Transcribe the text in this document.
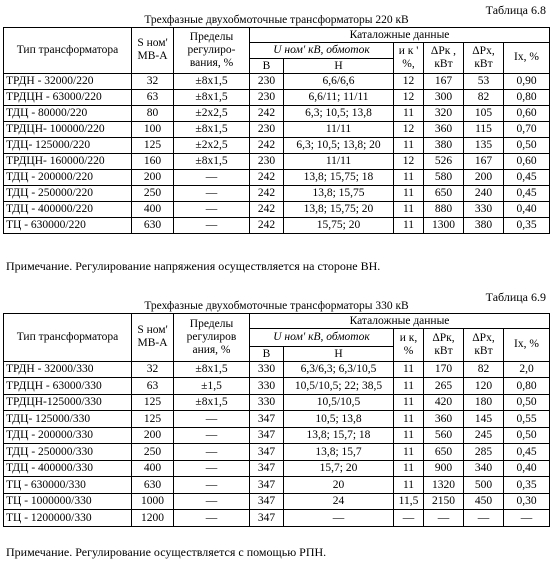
Таблица 6.8
Трехфазные двухобмоточные трансформаторы 220 кВ								
Тип трансформатора	S ном' МВ-А	Пределы регулиро- вания, %	Каталожные данные					
			U ном' кВ, обмоток		и к ' %,	ΔPк , кВт	ΔPх, кВт	Iх, %
			В	Н				
ТРДН - 32000/220	32	±8x1,5	230	6,6/6,6	12	167	53	0,90
ТРДЦН - 63000/220	63	±8x1,5	230	6,6/11; 11/11	12	300	82	0,80
ТДЦ - 80000/220	80	±2x2,5	242	6,3; 10,5; 13,8	11	320	105	0,60
ТРДЦН- 100000/220	100	±8x1,5	230	11/11	12	360	115	0,70
ТДЦ- 125000/220	125	±2x2,5	242	6,3; 10,5; 13,8; 20	11	380	135	0,50
ТРДЦН- 160000/220	160	±8x1,5	230	11/11	12	526	167	0,60
ТДЦ - 200000/220	200	—	242	13,8; 15,75; 18	11	580	200	0,45
ТДЦ - 250000/220	250	—	242	13,8; 15,75	11	650	240	0,45
ТДЦ - 400000/220	400	—	242	13,8; 15,75; 20	11	880	330	0,40
ТЦ - 630000/220	630	—	242	15,75; 20	11	1300	380	0,35
Примечание. Регулирование напряжения осуществляется на стороне ВН.
Таблица 6.9
Трехфазные двухобмоточные трансформаторы 330 кВ								
Тип трансформатора	S ном' МВ-А	Пределы регулиров ания, %	Каталожные данные					
			U ном' кВ, обмоток		и к, %	ΔPк, кВт	ΔPх, кВт	Iх, %
			В	Н				
ТРДН - 32000/330	32	±8x1,5	330	6,3/6,3; 6,3/10,5	11	170	82	2,0
ТРДЦН - 63000/330	63	±1,5	330	10,5/10,5; 22; 38,5	11	265	120	0,80
ТРДЦН-125000/330	125	±8x1,5	330	10,5/10,5	11	420	180	0,50
ТДЦ- 125000/330	125	—	347	10,5; 13,8	11	360	145	0,55
ТДЦ - 200000/330	200	—	347	13,8; 15,7; 18	11	560	245	0,50
ТДЦ - 250000/330	250	—	347	13,8; 15,7	11	650	285	0,45
ТДЦ - 400000/330	400	—	347	15,7; 20	11	900	340	0,40
ТЦ - 630000/330	630	—	347	20	11	1320	500	0,35
ТЦ - 1000000/330	1000	—	347	24	11,5	2150	450	0,30
ТЦ - 1200000/330	1200	—	347	—	—	—	—	—
Примечание. Регулирование осуществляется с помощью РПН.
